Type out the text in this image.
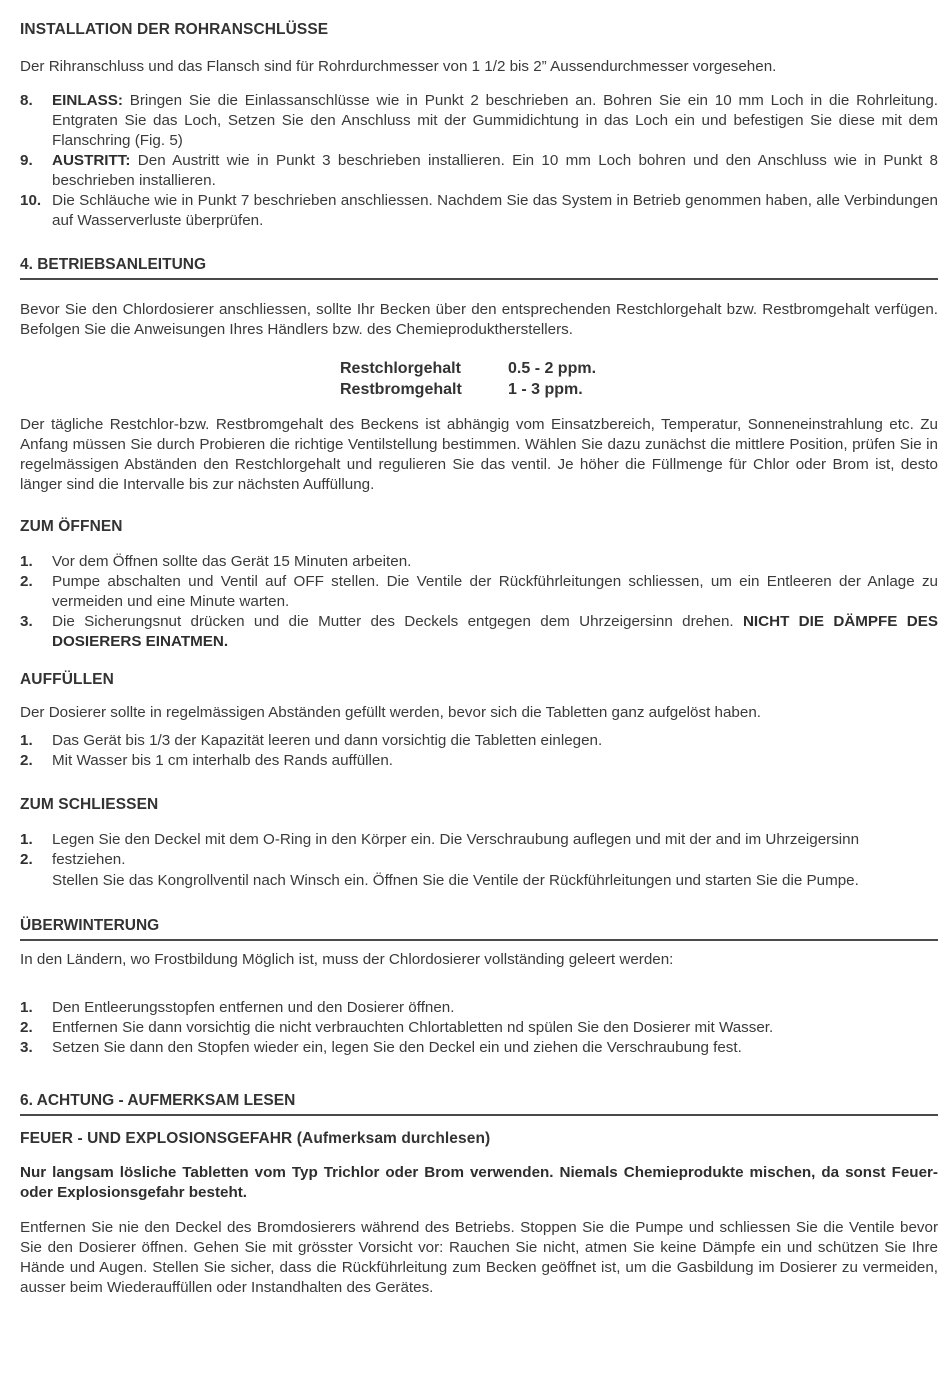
INSTALLATION DER ROHRANSCHLÜSSE

Der Rihranschluss und das Flansch sind für Rohrdurchmesser von 1 1/2 bis 2” Aussendurchmesser vorgesehen.

8. EINLASS: Bringen Sie die Einlassanschlüsse wie in Punkt 2 beschrieben an. Bohren Sie ein 10 mm Loch in die Rohrleitung. Entgraten Sie das Loch, Setzen Sie den Anschluss mit der Gummidichtung in das Loch ein und befestigen Sie diese mit dem Flanschring (Fig. 5)
9. AUSTRITT: Den Austritt wie in Punkt 3 beschrieben installieren. Ein 10 mm Loch bohren und den Anschluss wie in Punkt 8 beschrieben installieren.
10. Die Schläuche wie in Punkt 7 beschrieben anschliessen. Nachdem Sie das System in Betrieb genommen haben, alle Verbindungen auf Wasserverluste überprüfen.
4. BETRIEBSANLEITUNG

Bevor Sie den Chlordosierer anschliessen, sollte Ihr Becken über den entsprechenden Restchlorgehalt bzw. Restbromgehalt verfügen. Befolgen Sie die Anweisungen Ihres Händlers bzw. des Chemieproduktherstellers.

Restchlorgehalt	0.5 - 2 ppm.
Restbromgehalt	1 - 3 ppm.

Der tägliche Restchlor-bzw. Restbromgehalt des Beckens ist abhängig vom Einsatzbereich, Temperatur, Sonneneinstrahlung etc. Zu Anfang müssen Sie durch Probieren die richtige Ventilstellung bestimmen. Wählen Sie dazu zunächst die mittlere Position, prüfen Sie in regelmässigen Abständen den Restchlorgehalt und regulieren Sie das ventil. Je höher die Füllmenge für Chlor oder Brom ist, desto länger sind die Intervalle bis zur nächsten Auffüllung.

ZUM ÖFFNEN
1. Vor dem Öffnen sollte das Gerät 15 Minuten arbeiten.
2. Pumpe abschalten und Ventil auf OFF stellen. Die Ventile der Rückführleitungen schliessen, um ein Entleeren der Anlage zu vermeiden und eine Minute warten.
3. Die Sicherungsnut drücken und die Mutter des Deckels entgegen dem Uhrzeigersinn drehen. NICHT DIE DÄMPFE DES DOSIERERS EINATMEN.
AUFFÜLLEN

Der Dosierer sollte in regelmässigen Abständen gefüllt werden, bevor sich die Tabletten ganz aufgelöst haben.

1. Das Gerät bis 1/3 der Kapazität leeren und dann vorsichtig die Tabletten einlegen.
2. Mit Wasser bis 1 cm interhalb des Rands auffüllen.
ZUM SCHLIESSEN
1.
2.
Legen Sie den Deckel mit dem O-Ring in den Körper ein. Die Verschraubung auflegen und mit der and im Uhrzeigersinn
festziehen.
Stellen Sie das Kongrollventil nach Winsch ein. Öffnen Sie die Ventile der Rückführleitungen und starten Sie die Pumpe.
ÜBERWINTERUNG

In den Ländern, wo Frostbildung Möglich ist, muss der Chlordosierer vollständing geleert werden:

1. Den Entleerungsstopfen entfernen und den Dosierer öffnen.
2. Entfernen Sie dann vorsichtig die nicht verbrauchten Chlortabletten nd spülen Sie den Dosierer mit Wasser.
3. Setzen Sie dann den Stopfen wieder ein, legen Sie den Deckel ein und ziehen die Verschraubung fest.
6. ACHTUNG - AUFMERKSAM LESEN
FEUER - UND EXPLOSIONSGEFAHR (Aufmerksam durchlesen)

Nur langsam lösliche Tabletten vom Typ Trichlor oder Brom verwenden. Niemals Chemieprodukte mischen, da sonst Feuer- oder Explosionsgefahr besteht.

Entfernen Sie nie den Deckel des Bromdosierers während des Betriebs. Stoppen Sie die Pumpe und schliessen Sie die Ventile bevor Sie den Dosierer öffnen. Gehen Sie mit grösster Vorsicht vor: Rauchen Sie nicht, atmen Sie keine Dämpfe ein und schützen Sie Ihre Hände und Augen. Stellen Sie sicher, dass die Rückführleitung zum Becken geöffnet ist, um die Gasbildung im Dosierer zu vermeiden, ausser beim Wiederauffüllen oder Instandhalten des Gerätes.
